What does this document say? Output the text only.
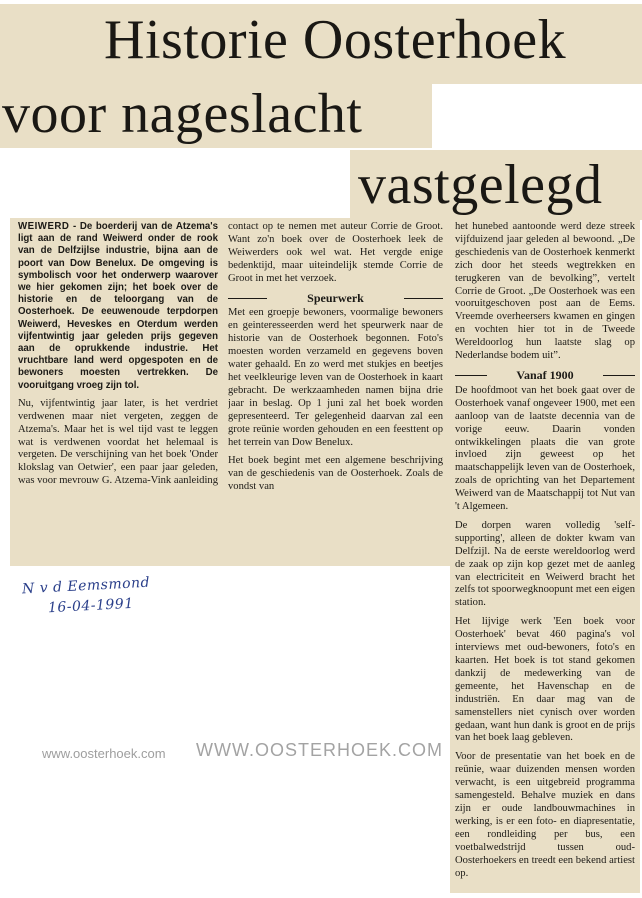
Historie Oosterhoek
voor nageslacht
vastgelegd

WEIWERD - De boerderij van de Atzema's ligt aan de rand Weiwerd onder de rook van de Delfzijlse industrie, bijna aan de poort van Dow Benelux. De omgeving is symbolisch voor het onderwerp waarover we hier gekomen zijn; het boek over de historie en de teloorgang van de Oosterhoek. De eeuwenoude terpdorpen Weiwerd, Heveskes en Oterdum werden vijfentwintig jaar geleden prijs gegeven aan de oprukkende industrie. Het vruchtbare land werd opgespoten en de bewoners moesten vertrekken. De vooruitgang vroeg zijn tol.

Nu, vijfentwintig jaar later, is het verdriet verdwenen maar niet vergeten, zeggen de Atzema's. Maar het is wel tijd vast te leggen wat is verdwenen voordat het helemaal is vergeten. De verschijning van het boek 'Onder klokslag van Oetwier', een paar jaar geleden, was voor mevrouw G. Atzema-Vink aanleiding

contact op te nemen met auteur Corrie de Groot. Want zo'n boek over de Oosterhoek leek de Weiwerders ook wel wat. Het vergde enige bedenktijd, maar uiteindelijk stemde Corrie de Groot in met het verzoek.

Speurwerk

Met een groepje bewoners, voormalige bewoners en geinteresseerden werd het speurwerk naar de historie van de Oosterhoek begonnen. Foto's moesten worden verzameld en gegevens boven water gehaald. En zo werd met stukjes en beetjes het veelkleurige leven van de Oosterhoek in kaart gebracht. De werkzaamheden namen bijna drie jaar in beslag. Op 1 juni zal het boek worden gepresenteerd. Ter gelegenheid daarvan zal een grote reünie worden gehouden en een feesttent op het terrein van Dow Benelux.

Het boek begint met een algemene beschrijving van de geschiedenis van de Oosterhoek. Zoals de vondst van

het hunebed aantoonde werd deze streek vijfduizend jaar geleden al bewoond. „De geschiedenis van de Oosterhoek kenmerkt zich door het steeds wegtrekken en terugkeren van de bevolking”, vertelt Corrie de Groot. „De Oosterhoek was een vooruitgeschoven post aan de Eems. Vreemde overheersers kwamen en gingen en vochten hier tot in de Tweede Wereldoorlog hun laatste slag op Nederlandse bodem uit”.

Vanaf 1900

De hoofdmoot van het boek gaat over de Oosterhoek vanaf ongeveer 1900, met een aanloop van de laatste decennia van de vorige eeuw. Daarin vonden ontwikkelingen plaats die van grote invloed zijn geweest op het maatschappelijk leven van de Oosterhoek, zoals de oprichting van het Departement Weiwerd van de Maatschappij tot Nut van 't Algemeen.

De dorpen waren volledig 'self-supporting', alleen de dokter kwam van Delfzijl. Na de eerste wereldoorlog werd de zaak op zijn kop gezet met de aanleg van electriciteit en Weiwerd bracht het zelfs tot spoorwegknoopunt met een eigen station.

Het lijvige werk 'Een boek voor Oosterhoek' bevat 460 pagina's vol interviews met oud-bewoners, foto's en kaarten. Het boek is tot stand gekomen dankzij de medewerking van de gemeente, het Havenschap en de industriën. En daar mag van de samenstellers niet cynisch over worden gedaan, want hun dank is groot en de prijs van het boek laag gebleven.

Voor de presentatie van het boek en de reünie, waar duizenden mensen worden verwacht, is een uitgebreid programma samengesteld. Behalve muziek en dans zijn er oude landbouwmachines in werking, is er een foto- en diapresentatie, een rondleiding per bus, een voetbalwedstrijd tussen oud-Oosterhoekers en treedt een bekend artiest op.

N v d Eemsmond
16-04-1991
www.oosterhoek.com WWW.OOSTERHOEK.COM
